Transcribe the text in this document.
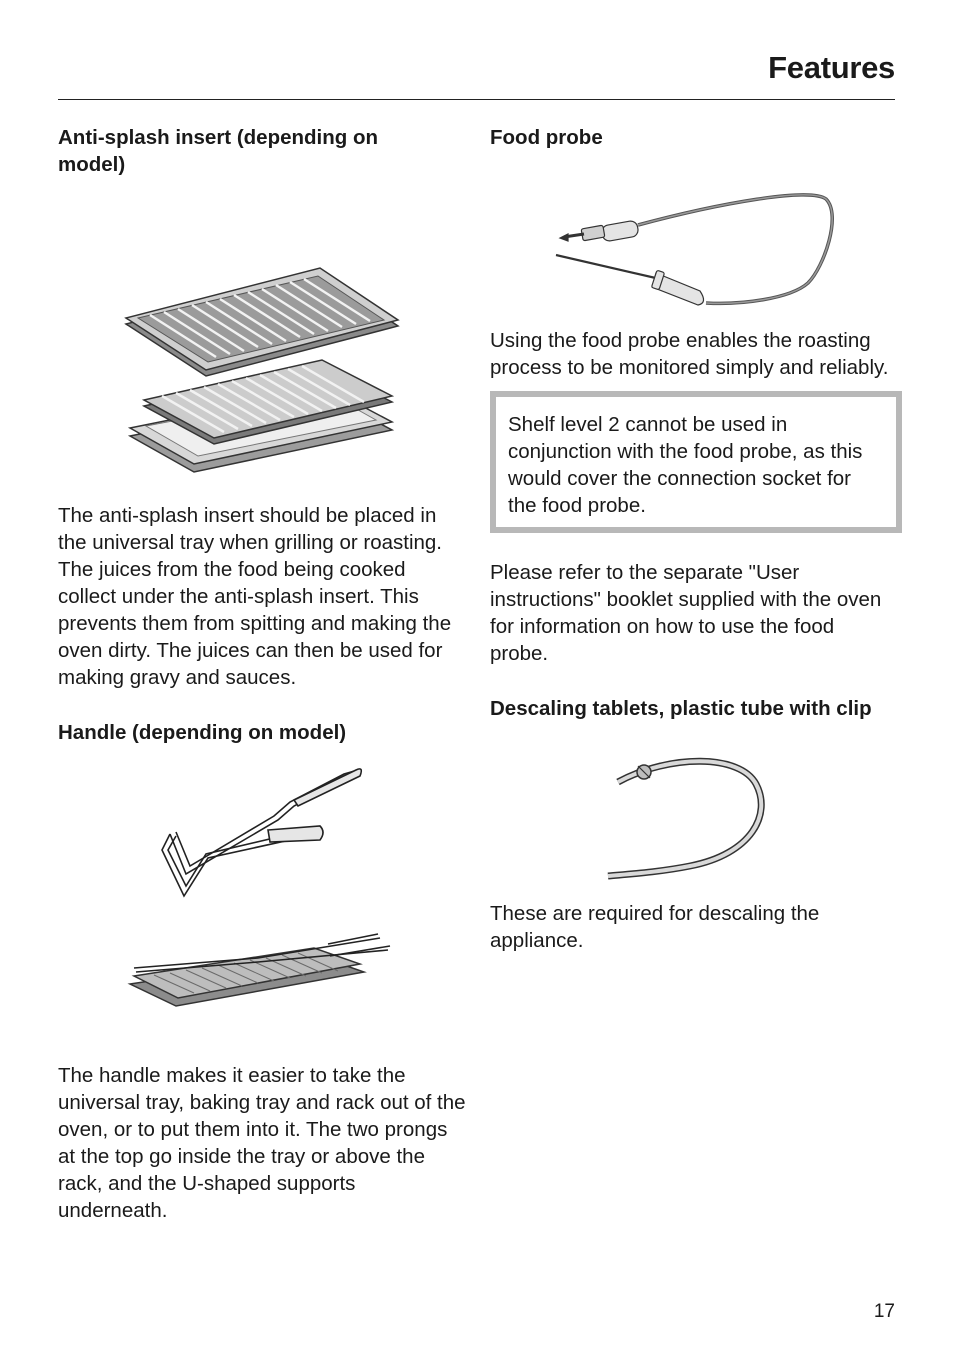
Features
Anti-splash insert (depending on model)

The anti-splash insert should be placed in the universal tray when grilling or roasting.
The juices from the food being cooked collect under the anti-splash insert. This prevents them from spitting and making the oven dirty. The juices can then be used for making gravy and sauces.

Handle (depending on model)

The handle makes it easier to take the universal tray, baking tray and rack out of the oven, or to put them into it. The two prongs at the top go inside the tray or above the rack, and the U-shaped supports underneath.

Food probe

Using the food probe enables the roasting process to be monitored simply and reliably.

Shelf level 2 cannot be used in conjunction with the food probe, as this would cover the connection socket for the food probe.

Please refer to the separate "User instructions" booklet supplied with the oven for information on how to use the food probe.

Descaling tablets, plastic tube with clip

These are required for descaling the appliance.

17
